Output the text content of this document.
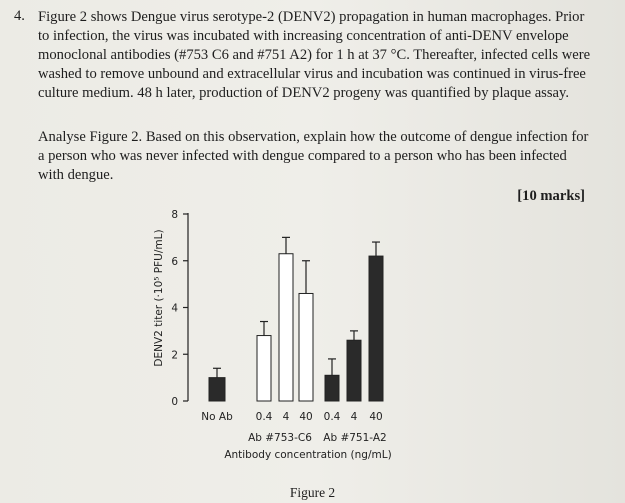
4. Figure 2 shows Dengue virus serotype-2 (DENV2) propagation in human macrophages. Prior
to infection, the virus was incubated with increasing concentration of anti-DENV envelope
monoclonal antibodies (#753 C6 and #751 A2) for 1 h at 37 °C. Thereafter, infected cells were
washed to remove unbound and extracellular virus and incubation was continued in virus-free
culture medium. 48 h later, production of DENV2 progeny was quantified by plaque assay.
Analyse Figure 2. Based on this observation, explain how the outcome of dengue infection for
a person who was never infected with dengue compared to a person who has been infected
with dengue.
[10 marks]
DENV2 titer (·10⁵ PFU/mL)
Antibody concentration (ng/mL)
0
2
4
6
8
No Ab 0.4 4 40 0.4 4 40
Ab #753-C6 Ab #751-A2
Figure 2
